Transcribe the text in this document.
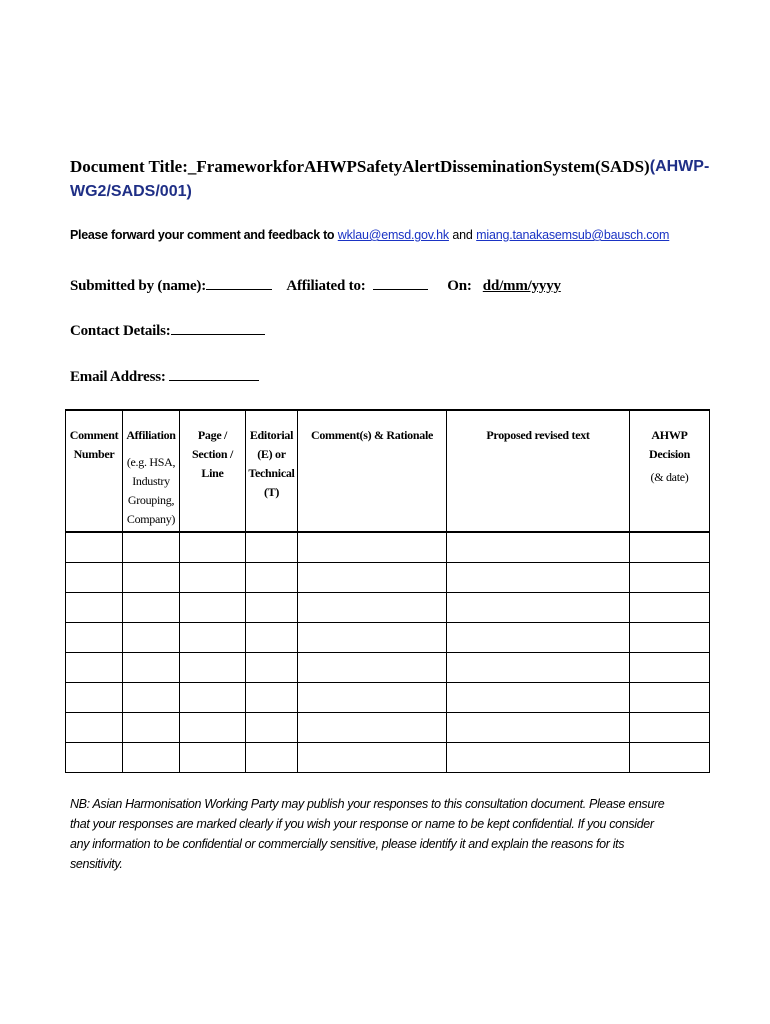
Document Title:_Framework for AHWP Safety Alert Dissemination System (SADS) (AHWP-
WG2/SADS/001)
Please forward your comment and feedback to wklau@emsd.gov.hk and miang.tanakasemsub@bausch.com
Submitted by (name):	Affiliated to:	On: dd/mm/yyyy
Contact Details:
Email Address:
Comment
Number	Affiliation
(e.g. HSA,
Industry
Grouping,
Company)	Page /
Section /
Line	Editorial
(E) or
Technical
(T)	Comment(s) & Rationale	Proposed revised text	AHWP Decision
(& date)

NB: Asian Harmonisation Working Party may publish your responses to this consultation document. Please ensure that your responses are marked clearly if you wish your response or name to be kept confidential. If you consider any information to be confidential or commercially sensitive, please identify it and explain the reasons for its sensitivity.
